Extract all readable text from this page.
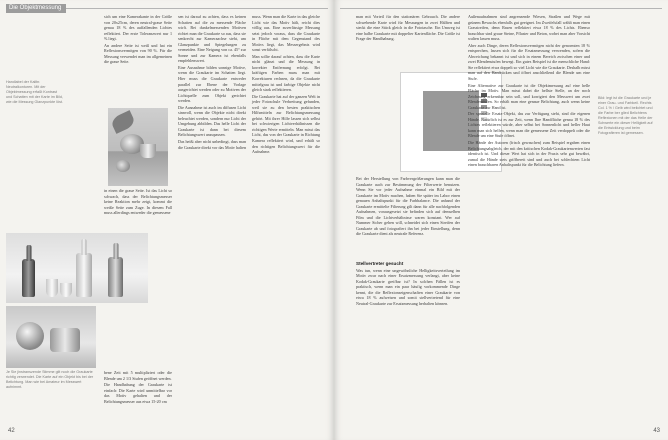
Die Objektmessung
Handlabel der Kalibr. Neutralkonturen. Mit der Objektmessung erfaßt Kontrast und Schatten mit der Karte im Bild, wie die Messung Glanzpunkte löst.

sich um eine Kamerakante in der Größe von 20x25cm, deren neutral-graue Seite genau 18 % des auffallenden Lichtes reflektiert. Der erste Toleranzwert nur 1 % liegt.

An andere Seite ist weiß und hat ein Reflexionsvermögen von 90 %. Für die Messung verwendet man im allgemeinen die graue Seite.

in einen die graue Seite. Ist das Licht so schwach, dass der Belichtungsmesser keine Reaktion mehr zeigt, kommt die weiße Seite zum Zuge. In diesem Fall muss allerdings entweder die gemessene

Je Sie jinstranszende Stimme gilt noch die Graukarte richtig verwendet. Die Karte auf ein Objekt bis bei der Belichtung. Man wie bei Amateur im Messwert aufnimmt.

bene Zeit mit 5 multipliziert oder die Blende um 2 1/3 Stufen geöffnet werden.

Die Handhabung der Graukarte ist einfach: Die Karte wird unmittelbar vor das Motiv gehalten und der Belichtungsmesser aus etwa 15-20 cm

sen ist darauf zu achten, dass es keinen Schatten auf die zu messende Fläche wirft. Bei dunkelmessenden Motiven richtet man die Graukarte so aus, dass sie senkrecht zur Kameraachse steht, um Glanzpunkte und Spiegelungen zu vermeiden. Eine Neigung von ca. 45° zur Sonne und zur Kamera ist ebenfalls empfehlenswert.

Eine Ausnahme bilden sonnige Motive, wenn die Graukarte im Schatten liegt. Hier muss die Graukarte entweder parallel zur Ebene der Vorlage ausgerichtet werden oder zu Motiven der Lichtquelle zum Objekt gerichtet werden.

Die Ausnahme ist auch im diffusen Licht sinnvoll, wenn die Objekte nicht direkt beleuchtet werden, sondern nur Licht der Umgebung abbilden. Das helle Licht der Graukarte ist dann bei diesem Belichtungswert anzupassen.

Das heißt aber nicht unbedingt, dass man die Graukarte direkt vor das Motiv halten muss. Wenn man die Karte in das gleiche Licht wie das Motiv hält, reicht dies völlig aus. Eine zuverlässige Messung setzt jedoch voraus, dass die Graukarte in Fläche mit dem Gegenstand des Motivs liegt, das Messergebnis wird sonst verfälscht.

Man sollte darauf achten, dass die Karte nicht glänzt und die Messung in korrekter Entfernung erfolgt. Bei kräftigen Farben muss man mit Korrekturen rechnen, da die Graukarte mittelgrau ist und farbige Objekte nicht gleich stark reflektieren.

Die Graukarte hat auf der ganzen Welt in jeder Fotoschule Verbreitung gefunden, weil sie zu den besten praktischen Hilfsmitteln zur Belichtungsmessung gehört. Mit ihrer Hilfe lassen sich selbst bei schwierigen Lichtverhältnissen die richtigen Werte ermitteln. Man misst das Licht, das von der Graukarte in Richtung Kamera reflektiert wird, und erhält so den richtigen Belichtungswert für die Aufnahme.

42

man mit Vorteil für den stationären Gebrauch. Die andere schwebende Karte wird für Messungen in zwei Hälften und steckt die eine Stück gleich in die Fototasche. Ein Umweg ist eine halbe Graukarte mit doppelter Kartenfläche. Die Größe ist Frage der Handhabung.

Bei der Herstellung von Farbvergrößerungen kann man die Graukarte auch zur Bestimmung der Filterwerte benutzen. Wenn Sie vor jeder Aufnahme einmal ein Bild mit der Graukarte im Motiv machen, haben Sie später im Labor einen genauen Anhaltspunkt für die Farbbalance. Die anhand der Graukarte ermittelte Filterung gilt dann für alle nachfolgenden Aufnahmen, vorausgesetzt sie befinden sich auf demselben Film und die Lichtverhältnisse waren konstant. Wer auf Nummer Sicher gehen will, schneidet sich einen Streifen der Graukarte ab und fotografiert ihn bei jeder Einstellung, denn die Graukarte dient als neutrale Referenz.

Stellvertreter gesucht

Was tun, wenn eine ungewöhnliche Helligkeitsverteilung im Motiv zwar nach einer Ersatzmessung verlangt, aber keine Kodak-Graukarte greifbar ist? In solchen Fällen ist es praktisch, wenn man ein paar häufig vorkommende Dinge kennt, die die Reflexionseigenschaften einer Graukarte von etwa 18 % aufweisen und somit stellvertretend für eine Neutral-Graukarte zur Ersatzmessung herhalten können.

Außenaufnahmen sind angrenzende Wiesen, Straßen und Wege mit grünem Bewuchs ebenfalls gut geeignet. Im Zweifelsfall wählt man einen Grasstreifen, denn Rasen reflektiert etwa 18 % des Lichts. Ebenso brauchbar sind graue Steine, Pflaster und Beton, wobei man aber Vorsicht walten lassen muss.

Aber auch Dinge, deren Reflexionsvermögen nicht der genormten 18 % entsprechen, lassen sich für die Ersatzmessung verwenden, sofern die Abweichung bekannt ist und sich in einem Bereich zwischen einer und zwei Blendenstufen bewegt. Ein gutes Beispiel ist die menschliche Hand: Sie reflektiert etwa doppelt so viel Licht wie die Graukarte. Deshalb misst man auf den Handrücken und öffnet anschließend die Blende um eine Stufe.

Eine Alternative zur Graukarte ist die Objektmessung auf eine helle Fläche im Motiv. Man misst dabei die hellste Stelle, an der noch Zeichnung erkennbar sein soll, und korrigiert den Messwert um zwei Blendenstufen. So erhält man eine genaue Belichtung, auch wenn keine Graukarte zur Hand ist.

Der spezielle Ersatz-Objekt, das zur Verfügung steht, sind die eigenen Hände. Natürlich ist es zur Zeit, wenn Ihre Handfläche genau 18 % des Lichtes reflektieren würde, aber selbst bei Sonnenlicht und heller Haut kann man sich helfen, wenn man die gemessene Zeit verdoppelt oder die Blende um eine Stufe öffnet.

Die Hände der Autoren (frisch gewaschen) zum Beispiel ergaben einen Belichtungsabgleich, der mit den kritischen Kodak-Graukartenwerten fast identisch ist. Und dieser Wert hat sich in der Praxis sehr gut bewährt, zumal die Hände stets griffbereit sind und auch bei schlechtem Licht einen brauchbaren Anhaltspunkt für die Belichtung liefern.

Bild: legt ist die Graukarte und je einer Grau- und Farbkeil. Rechts Col. 1 % / Gelb wird belichtet und die Farbe ber glied Belichtens Reflexionen mit der das Helle der Schwerte ein dieser Helligkeit auf die Entwicklung und beim Fotografieren ist gemessen.
43
